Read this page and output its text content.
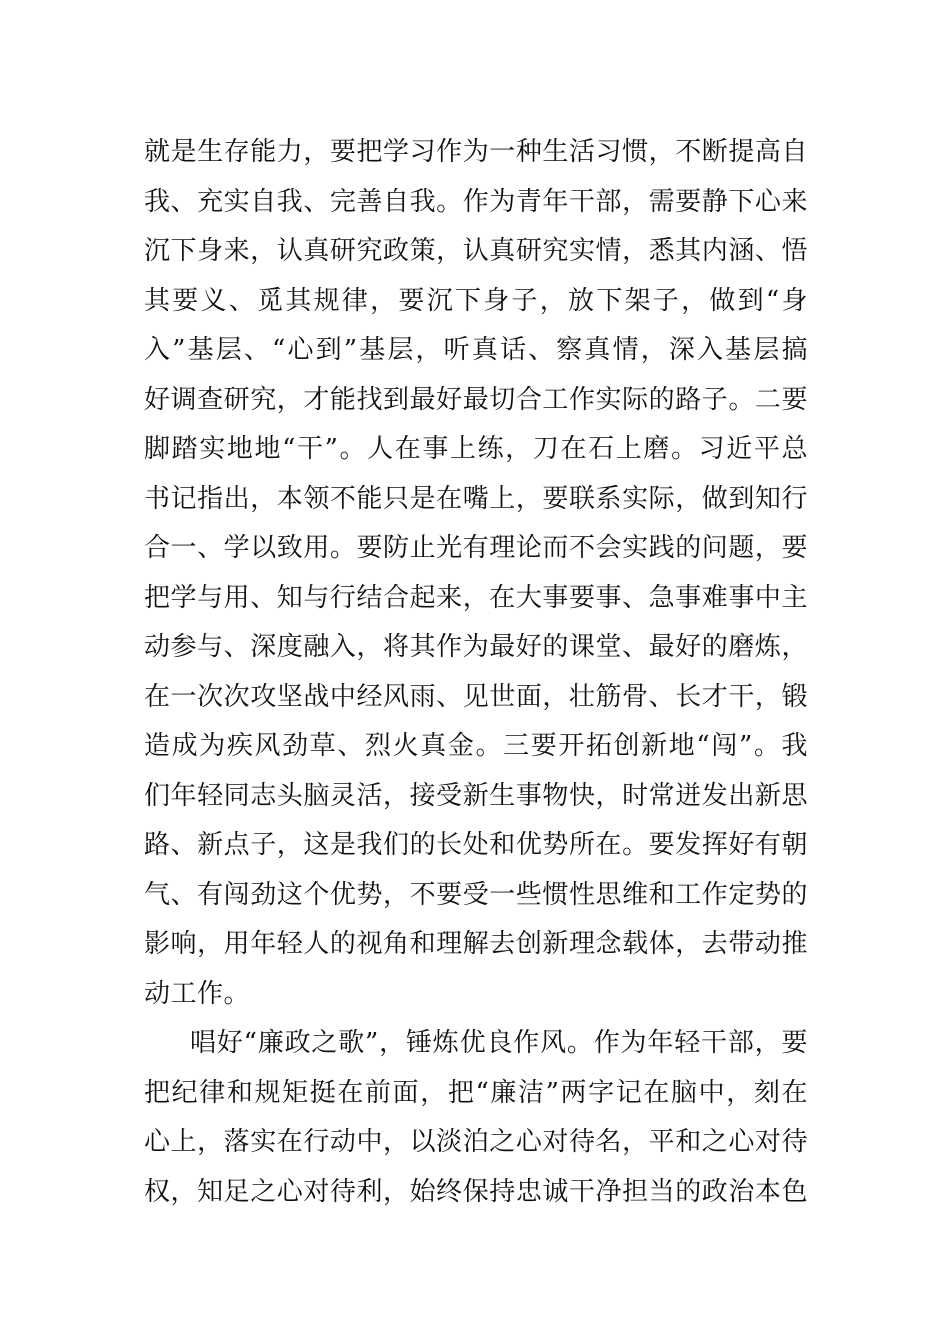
就是生存能力，要把学习作为一种生活习惯，不断提高自
我、充实自我、完善自我。作为青年干部，需要静下心来
沉下身来，认真研究政策，认真研究实情，悉其内涵、悟
其要义、觅其规律，要沉下身子，放下架子，做到“身
入”基层、“心到”基层，听真话、察真情，深入基层搞
好调查研究，才能找到最好最切合工作实际的路子。二要
脚踏实地地“干”。人在事上练，刀在石上磨。习近平总
书记指出，本领不能只是在嘴上，要联系实际，做到知行
合一、学以致用。要防止光有理论而不会实践的问题，要
把学与用、知与行结合起来，在大事要事、急事难事中主
动参与、深度融入，将其作为最好的课堂、最好的磨炼，
在一次次攻坚战中经风雨、见世面，壮筋骨、长才干，锻
造成为疾风劲草、烈火真金。三要开拓创新地“闯”。我
们年轻同志头脑灵活，接受新生事物快，时常迸发出新思
路、新点子，这是我们的长处和优势所在。要发挥好有朝
气、有闯劲这个优势，不要受一些惯性思维和工作定势的
影响，用年轻人的视角和理解去创新理念载体，去带动推
动工作。
唱好“廉政之歌”，锤炼优良作风。作为年轻干部，要
把纪律和规矩挺在前面，把“廉洁”两字记在脑中，刻在
心上，落实在行动中，以淡泊之心对待名，平和之心对待
权，知足之心对待利，始终保持忠诚干净担当的政治本色
